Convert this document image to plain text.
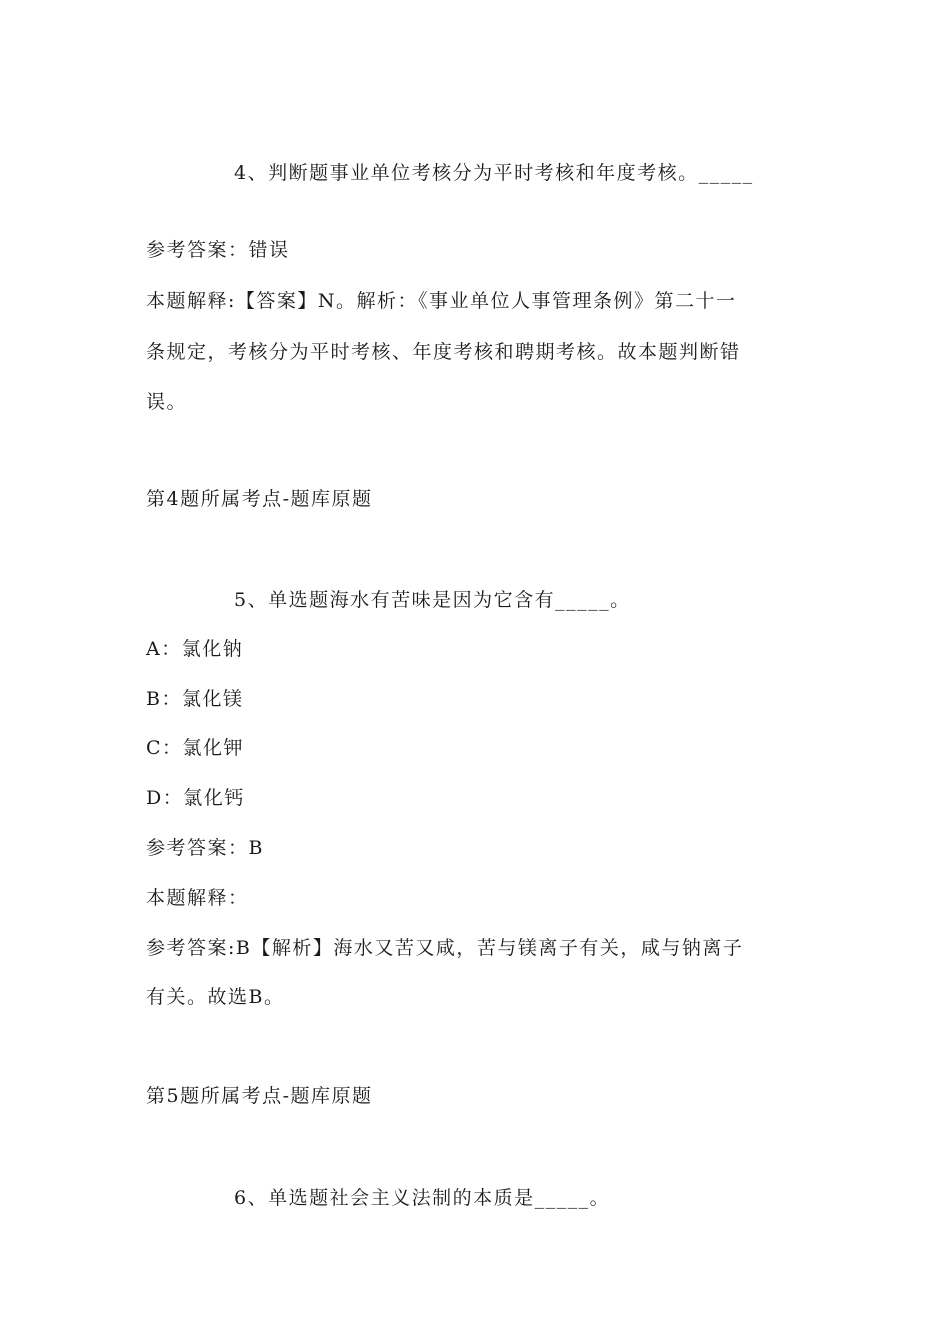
4、判断题事业单位考核分为平时考核和年度考核。_____
参考答案：错误
本题解释:【答案】N。解析：《事业单位人事管理条例》第二十一
条规定，考核分为平时考核、年度考核和聘期考核。故本题判断错
误。
第4题所属考点-题库原题
5、单选题海水有苦味是因为它含有_____。
A：氯化钠
B：氯化镁
C：氯化钾
D：氯化钙
参考答案：B
本题解释：
参考答案:B【解析】海水又苦又咸，苦与镁离子有关，咸与钠离子
有关。故选B。
第5题所属考点-题库原题
6、单选题社会主义法制的本质是_____。
